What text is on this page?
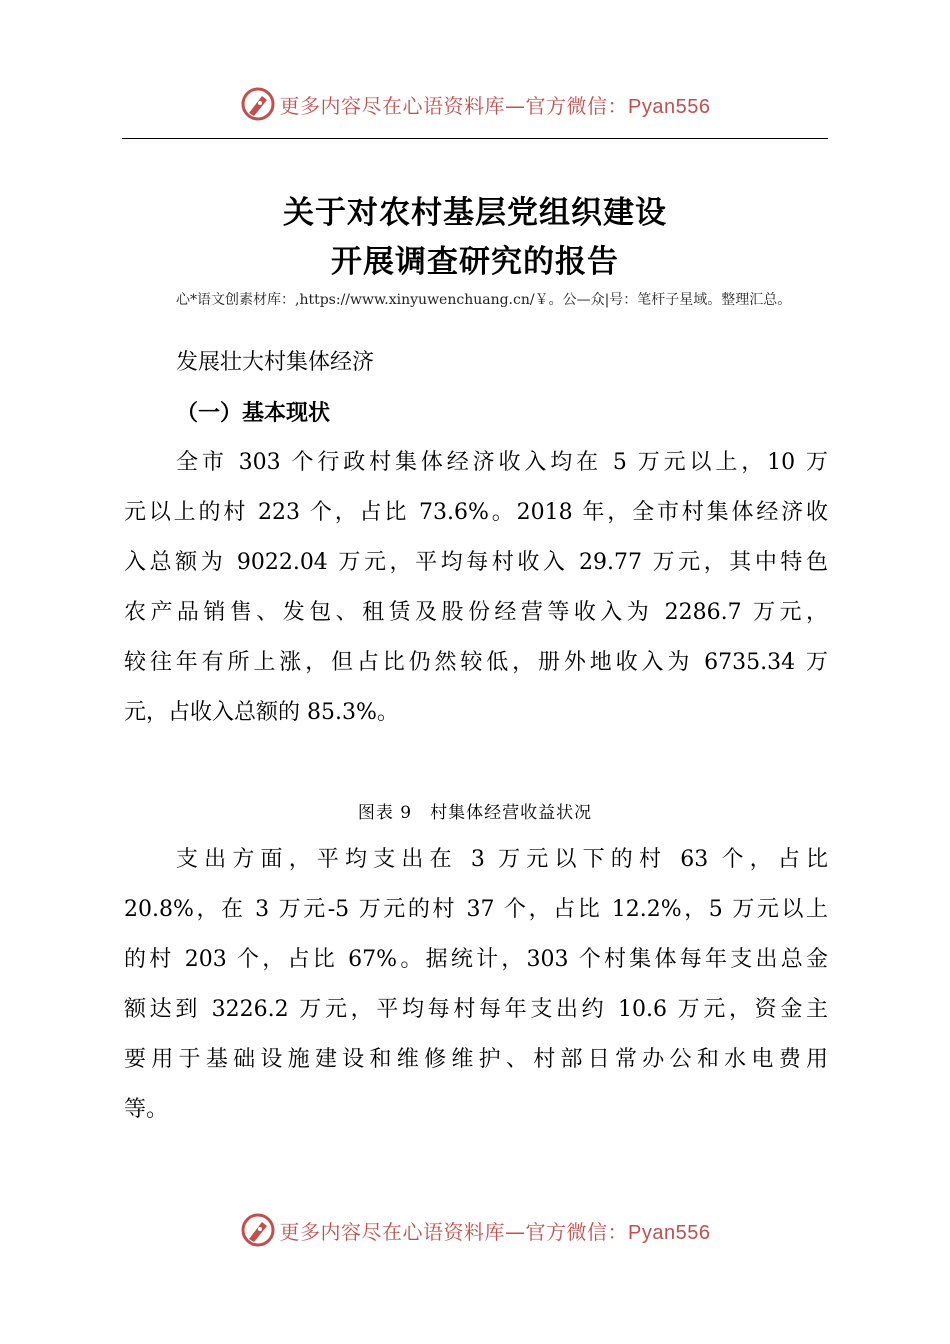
更多内容尽在心语资料库—官方微信：Pyan556
关于对农村基层党组织建设
开展调查研究的报告
心*语文创素材库：,https://www.xinyuwenchuang.cn/￥。公—众|号：笔杆子星域。整理汇总。
发展壮大村集体经济
（一）基本现状
全市 303 个行政村集体经济收入均在 5 万元以上，10 万
元以上的村 223 个，占比 73.6%。2018 年，全市村集体经济收
入总额为 9022.04 万元，平均每村收入 29.77 万元，其中特色
农产品销售、发包、租赁及股份经营等收入为 2286.7 万元，
较往年有所上涨，但占比仍然较低，册外地收入为 6735.34 万
元，占收入总额的 85.3%。
图表 9　村集体经营收益状况
支出方面，平均支出在 3 万元以下的村 63 个，占比
20.8%，在 3 万元-5 万元的村 37 个，占比 12.2%，5 万元以上
的村 203 个，占比 67%。据统计，303 个村集体每年支出总金
额达到 3226.2 万元，平均每村每年支出约 10.6 万元，资金主
要用于基础设施建设和维修维护、村部日常办公和水电费用
等。
更多内容尽在心语资料库—官方微信：Pyan556
